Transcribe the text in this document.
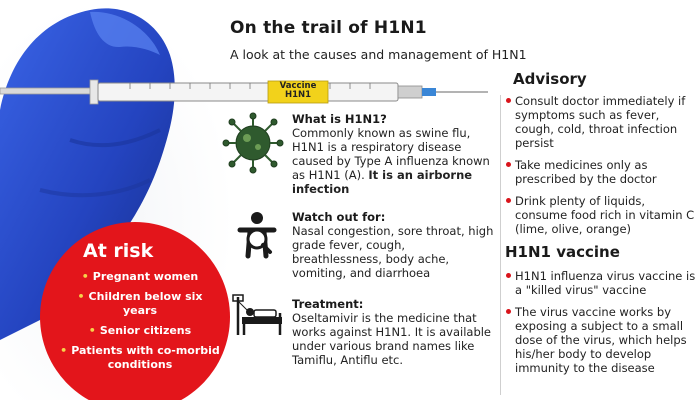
Vaccine
H1N1
On the trail of H1N1
A look at the causes and management of H1N1
What is H1N1?
Commonly known as swine flu, H1N1 is a respiratory disease caused by Type A influenza known as H1N1 (A). It is an airborne infection
Watch out for:
Nasal congestion, sore throat, high grade fever, cough, breathlessness, body ache, vomiting, and diarrhoea
Treatment:
Oseltamivir is the medicine that works against H1N1. It is available under various brand names like Tamiflu, Antiflu etc.
Advisory
Consult doctor immediately if symptoms such as fever, cough, cold, throat infection persist
Take medicines only as prescribed by the doctor
Drink plenty of liquids, consume food rich in vitamin C (lime, olive, orange)
H1N1 vaccine
H1N1 influenza virus vaccine is a "killed virus" vaccine
The virus vaccine works by exposing a subject to a small dose of the virus, which helps his/her body to develop immunity to the disease
At risk
• Pregnant women
• Children below six years
• Senior citizens
• Patients with co-morbid conditions
